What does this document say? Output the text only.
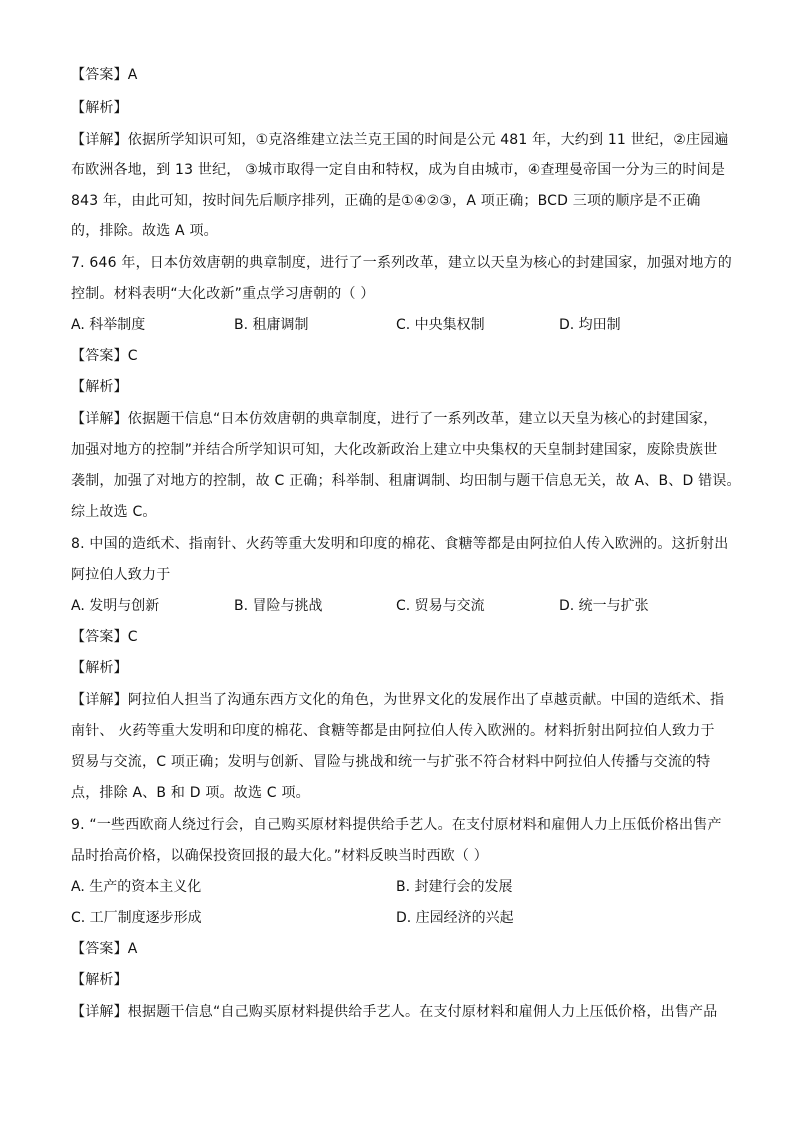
【答案】A
【解析】
【详解】依据所学知识可知，①克洛维建立法兰克王国的时间是公元 481 年，大约到 11 世纪，②庄园遍
布欧洲各地，到 13 世纪， ③城市取得一定自由和特权，成为自由城市，④查理曼帝国一分为三的时间是
843 年，由此可知，按时间先后顺序排列，正确的是①④②③，A 项正确；BCD 三项的顺序是不正确
的，排除。故选 A 项。
7. 646 年，日本仿效唐朝的典章制度，进行了一系列改革，建立以天皇为核心的封建国家，加强对地方的
控制。材料表明“大化改新”重点学习唐朝的（ ）
A. 科举制度	B. 租庸调制	C. 中央集权制	D. 均田制
【答案】C
【解析】
【详解】依据题干信息“日本仿效唐朝的典章制度，进行了一系列改革，建立以天皇为核心的封建国家，
加强对地方的控制”并结合所学知识可知，大化改新政治上建立中央集权的天皇制封建国家，废除贵族世
袭制，加强了对地方的控制，故 C 正确；科举制、租庸调制、均田制与题干信息无关，故 A、B、D 错误。
综上故选 C。
8. 中国的造纸术、指南针、火药等重大发明和印度的棉花、食糖等都是由阿拉伯人传入欧洲的。这折射出
阿拉伯人致力于
A. 发明与创新	B. 冒险与挑战	C. 贸易与交流	D. 统一与扩张
【答案】C
【解析】
【详解】阿拉伯人担当了沟通东西方文化的角色，为世界文化的发展作出了卓越贡献。中国的造纸术、指
南针、 火药等重大发明和印度的棉花、食糖等都是由阿拉伯人传入欧洲的。材料折射出阿拉伯人致力于
贸易与交流，C 项正确；发明与创新、冒险与挑战和统一与扩张不符合材料中阿拉伯人传播与交流的特
点，排除 A、B 和 D 项。故选 C 项。
9. “一些西欧商人绕过行会，自己购买原材料提供给手艺人。在支付原材料和雇佣人力上压低价格出售产
品时抬高价格，以确保投资回报的最大化。”材料反映当时西欧（ ）
A. 生产的资本主义化	B. 封建行会的发展
C. 工厂制度逐步形成	D. 庄园经济的兴起
【答案】A
【解析】
【详解】根据题干信息“自己购买原材料提供给手艺人。在支付原材料和雇佣人力上压低价格，出售产品
